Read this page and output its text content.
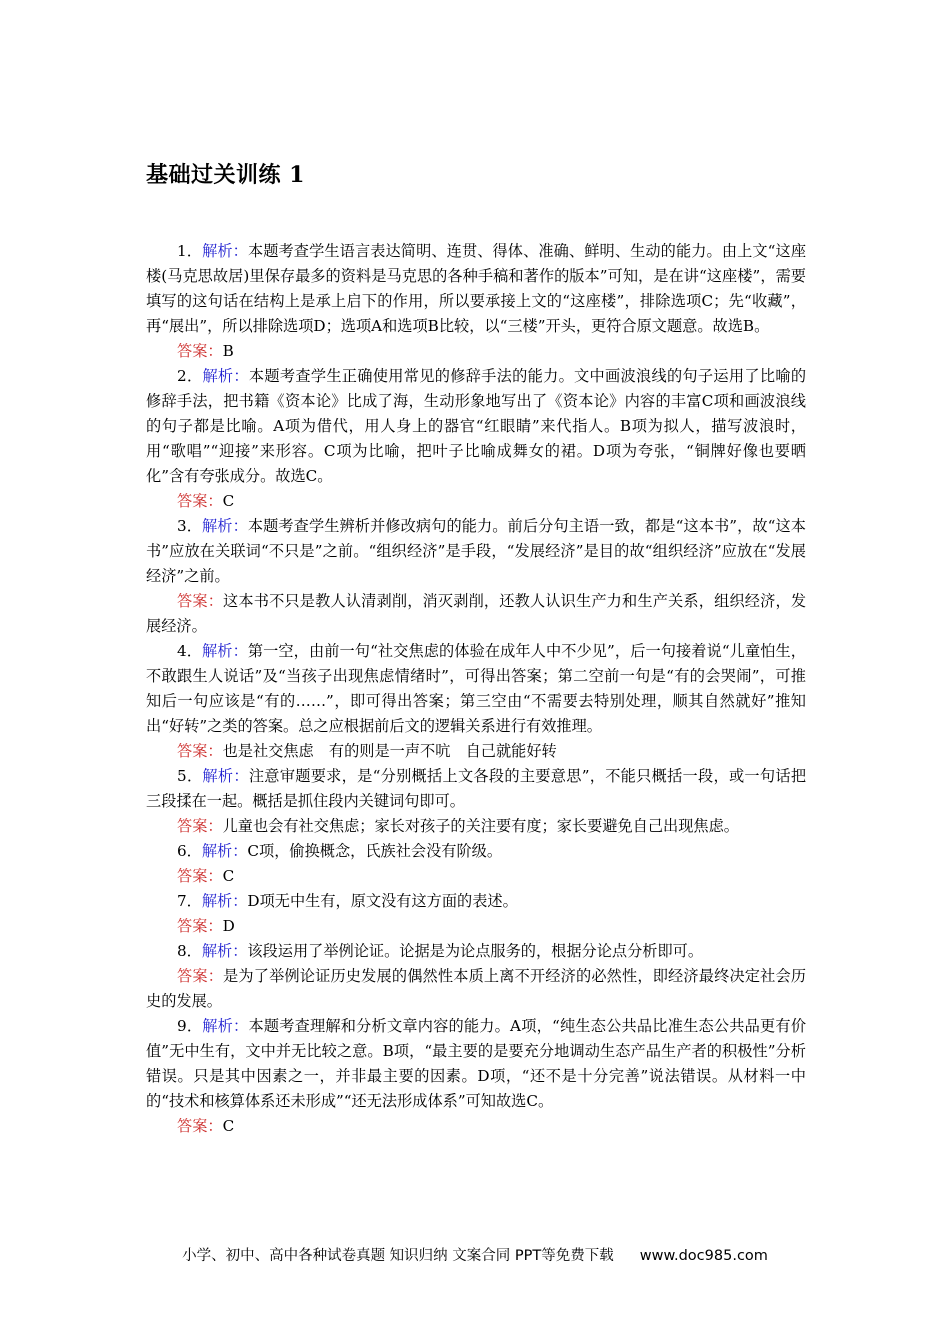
基础过关训练 1

1．解析：本题考查学生语言表达简明、连贯、得体、准确、鲜明、生动的能力。由上文“这座楼(马克思故居)里保存最多的资料是马克思的各种手稿和著作的版本”可知，是在讲“这座楼”，需要填写的这句话在结构上是承上启下的作用，所以要承接上文的“这座楼”，排除选项C；先“收藏”，再“展出”，所以排除选项D；选项A和选项B比较，以“三楼”开头，更符合原文题意。故选B。

答案：B

2．解析：本题考查学生正确使用常见的修辞手法的能力。文中画波浪线的句子运用了比喻的修辞手法，把书籍《资本论》比成了海，生动形象地写出了《资本论》内容的丰富C项和画波浪线的句子都是比喻。A项为借代，用人身上的器官“红眼睛”来代指人。B项为拟人，描写波浪时，用“歌唱”“迎接”来形容。C项为比喻，把叶子比喻成舞女的裙。D项为夸张，“铜牌好像也要晒化”含有夸张成分。故选C。

答案：C

3．解析：本题考查学生辨析并修改病句的能力。前后分句主语一致，都是“这本书”，故“这本书”应放在关联词“不只是”之前。“组织经济”是手段，“发展经济”是目的故“组织经济”应放在“发展经济”之前。

答案：这本书不只是教人认清剥削，消灭剥削，还教人认识生产力和生产关系，组织经济，发展经济。

4．解析：第一空，由前一句“社交焦虑的体验在成年人中不少见”，后一句接着说“儿童怕生，不敢跟生人说话”及“当孩子出现焦虑情绪时”，可得出答案；第二空前一句是“有的会哭闹”，可推知后一句应该是“有的……”，即可得出答案；第三空由“不需要去特别处理，顺其自然就好”推知出“好转”之类的答案。总之应根据前后文的逻辑关系进行有效推理。

答案：也是社交焦虑　有的则是一声不吭　自己就能好转

5．解析：注意审题要求，是“分别概括上文各段的主要意思”，不能只概括一段，或一句话把三段揉在一起。概括是抓住段内关键词句即可。

答案：儿童也会有社交焦虑；家长对孩子的关注要有度；家长要避免自己出现焦虑。

6．解析：C项，偷换概念，氏族社会没有阶级。

答案：C

7．解析：D项无中生有，原文没有这方面的表述。

答案：D

8．解析：该段运用了举例论证。论据是为论点服务的，根据分论点分析即可。

答案：是为了举例论证历史发展的偶然性本质上离不开经济的必然性，即经济最终决定社会历史的发展。

9．解析：本题考查理解和分析文章内容的能力。A项，“纯生态公共品比准生态公共品更有价值”无中生有，文中并无比较之意。B项，“最主要的是要充分地调动生态产品生产者的积极性”分析错误。只是其中因素之一，并非最主要的因素。D项，“还不是十分完善”说法错误。从材料一中的“技术和核算体系还未形成”“还无法形成体系”可知故选C。

答案：C

小学、初中、高中各种试卷真题 知识归纳 文案合同 PPT等免费下载 www.doc985.com
